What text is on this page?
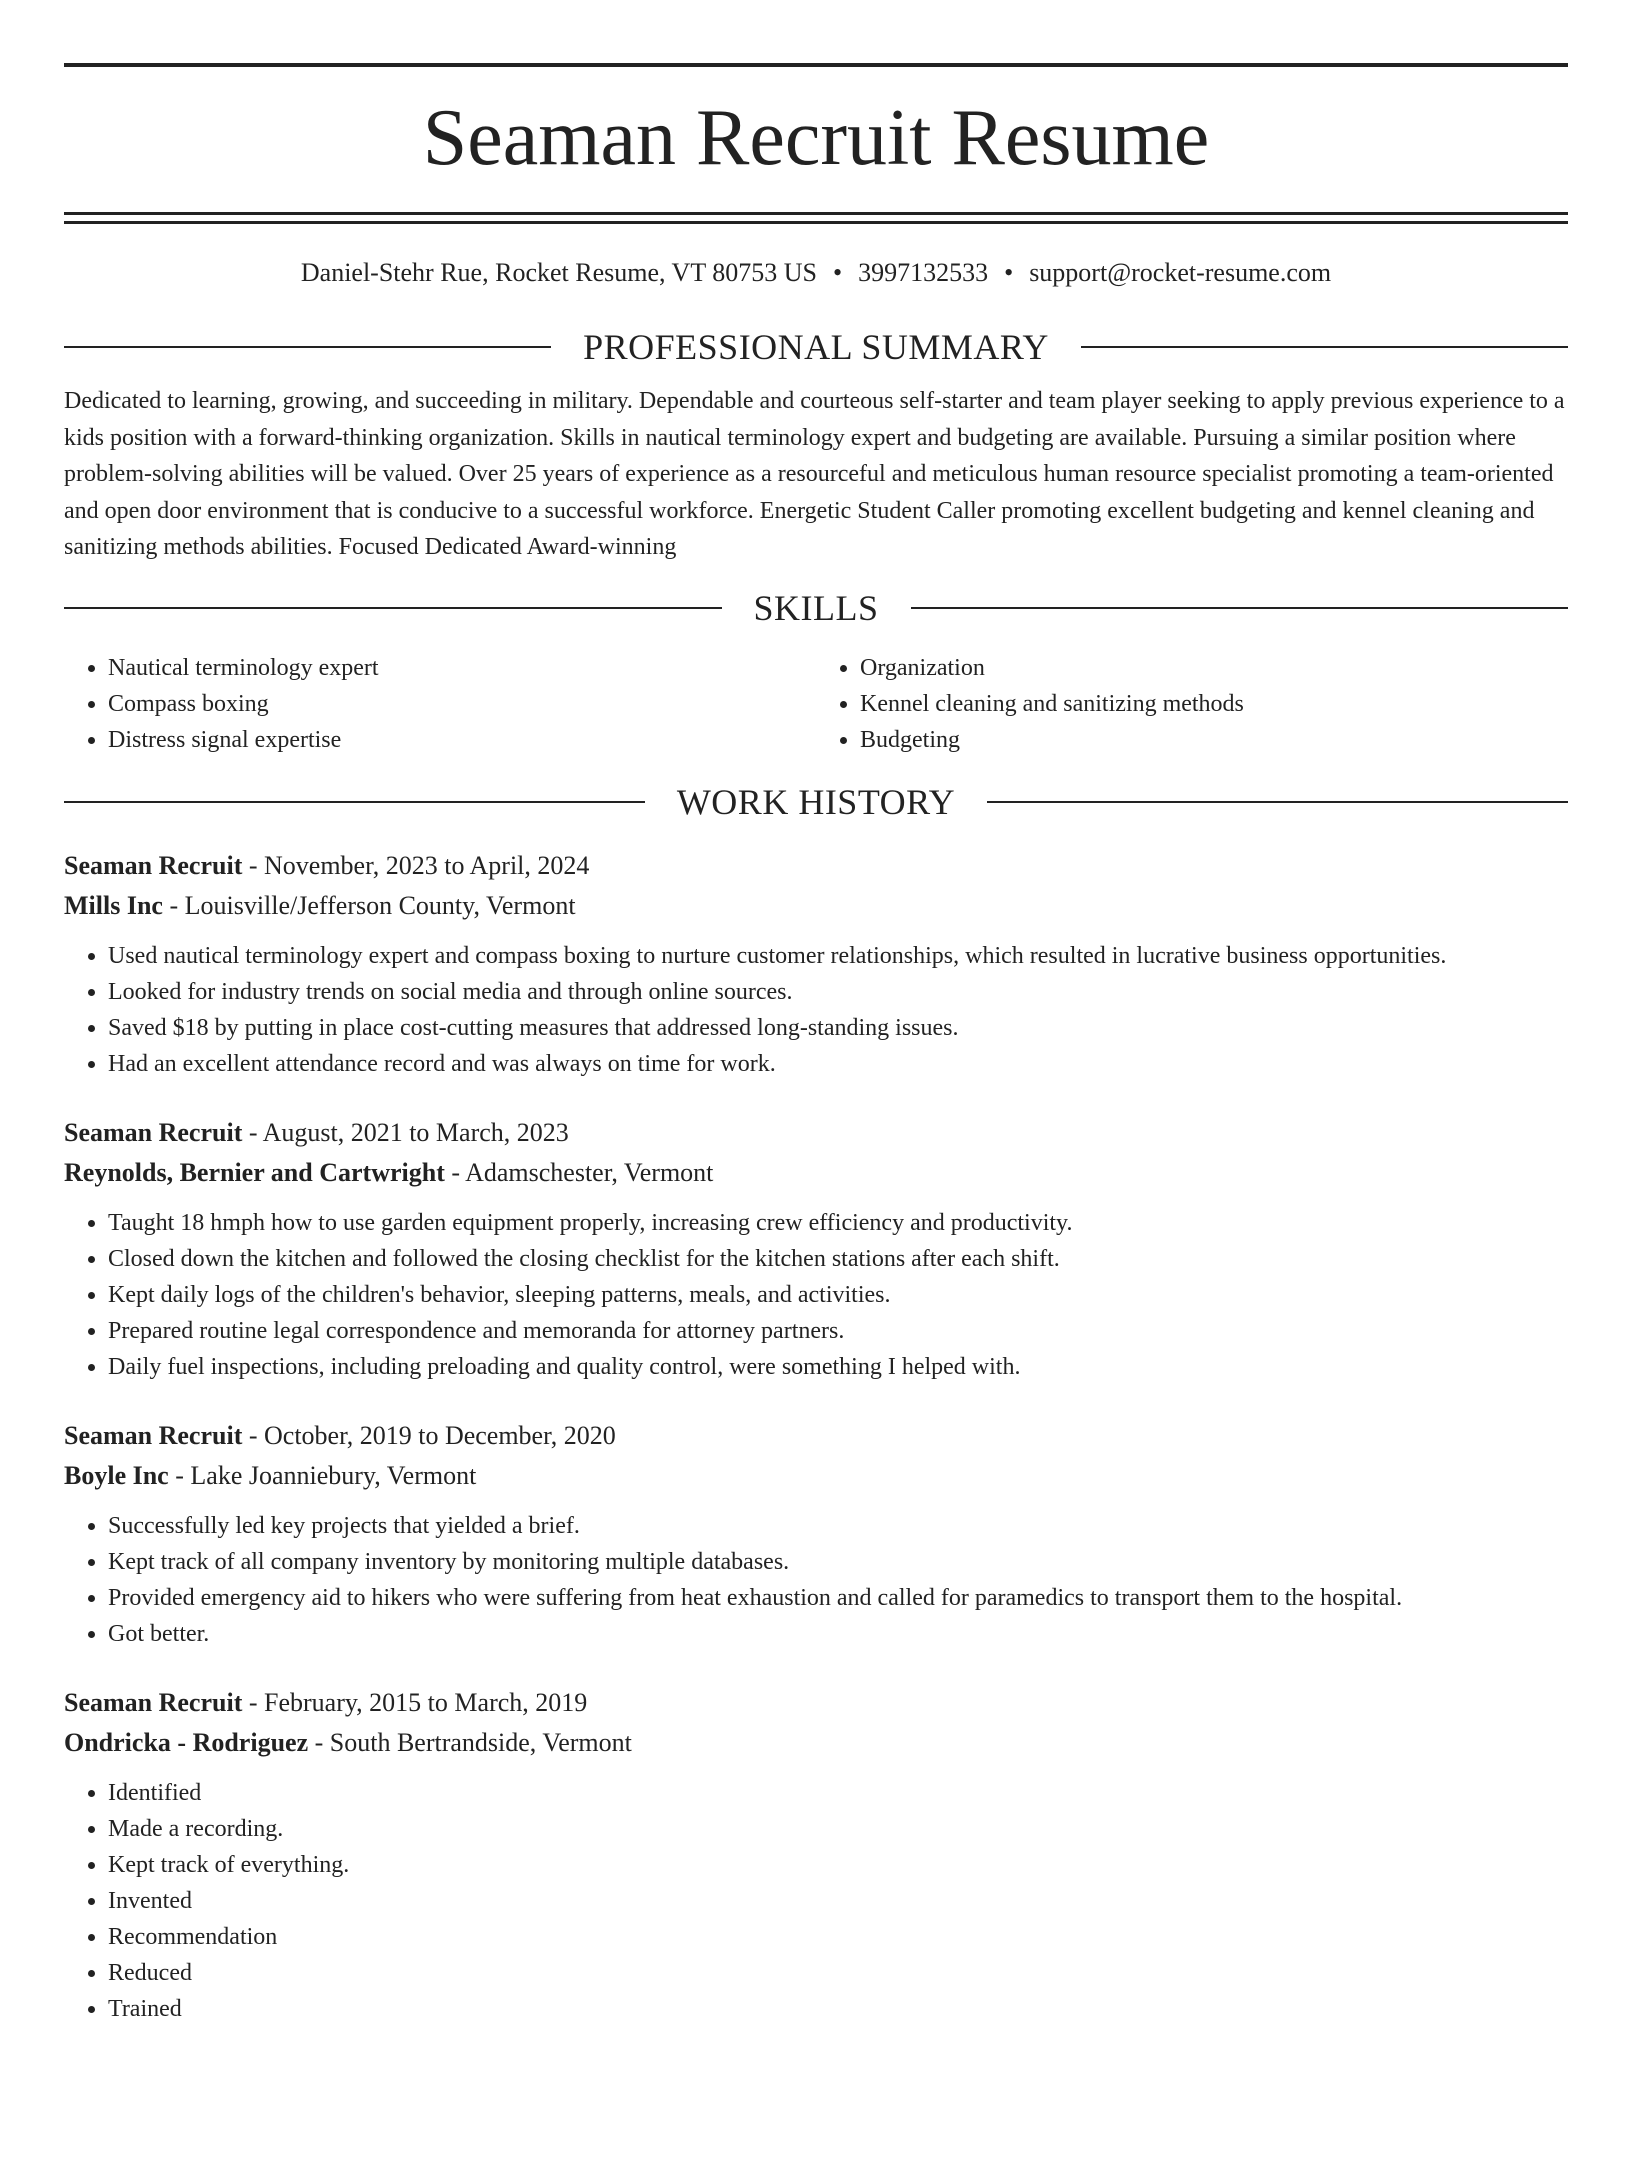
Seaman Recruit Resume
Daniel-Stehr Rue, Rocket Resume, VT 80753 US • 3997132533 • support@rocket-resume.com
PROFESSIONAL SUMMARY

Dedicated to learning, growing, and succeeding in military. Dependable and courteous self-starter and team player seeking to apply previous experience to a kids position with a forward-thinking organization. Skills in nautical terminology expert and budgeting are available. Pursuing a similar position where problem-solving abilities will be valued. Over 25 years of experience as a resourceful and meticulous human resource specialist promoting a team-oriented and open door environment that is conducive to a successful workforce. Energetic Student Caller promoting excellent budgeting and kennel cleaning and sanitizing methods abilities. Focused Dedicated Award-winning

SKILLS
• Nautical terminology expert
• Compass boxing
• Distress signal expertise
• Organization
• Kennel cleaning and sanitizing methods
• Budgeting
WORK HISTORY
Seaman Recruit - November, 2023 to April, 2024
Mills Inc - Louisville/Jefferson County, Vermont
• Used nautical terminology expert and compass boxing to nurture customer relationships, which resulted in lucrative business opportunities.
• Looked for industry trends on social media and through online sources.
• Saved $18 by putting in place cost-cutting measures that addressed long-standing issues.
• Had an excellent attendance record and was always on time for work.
Seaman Recruit - August, 2021 to March, 2023
Reynolds, Bernier and Cartwright - Adamschester, Vermont
• Taught 18 hmph how to use garden equipment properly, increasing crew efficiency and productivity.
• Closed down the kitchen and followed the closing checklist for the kitchen stations after each shift.
• Kept daily logs of the children's behavior, sleeping patterns, meals, and activities.
• Prepared routine legal correspondence and memoranda for attorney partners.
• Daily fuel inspections, including preloading and quality control, were something I helped with.
Seaman Recruit - October, 2019 to December, 2020
Boyle Inc - Lake Joanniebury, Vermont
• Successfully led key projects that yielded a brief.
• Kept track of all company inventory by monitoring multiple databases.
• Provided emergency aid to hikers who were suffering from heat exhaustion and called for paramedics to transport them to the hospital.
• Got better.
Seaman Recruit - February, 2015 to March, 2019
Ondricka - Rodriguez - South Bertrandside, Vermont
• Identified
• Made a recording.
• Kept track of everything.
• Invented
• Recommendation
• Reduced
• Trained
